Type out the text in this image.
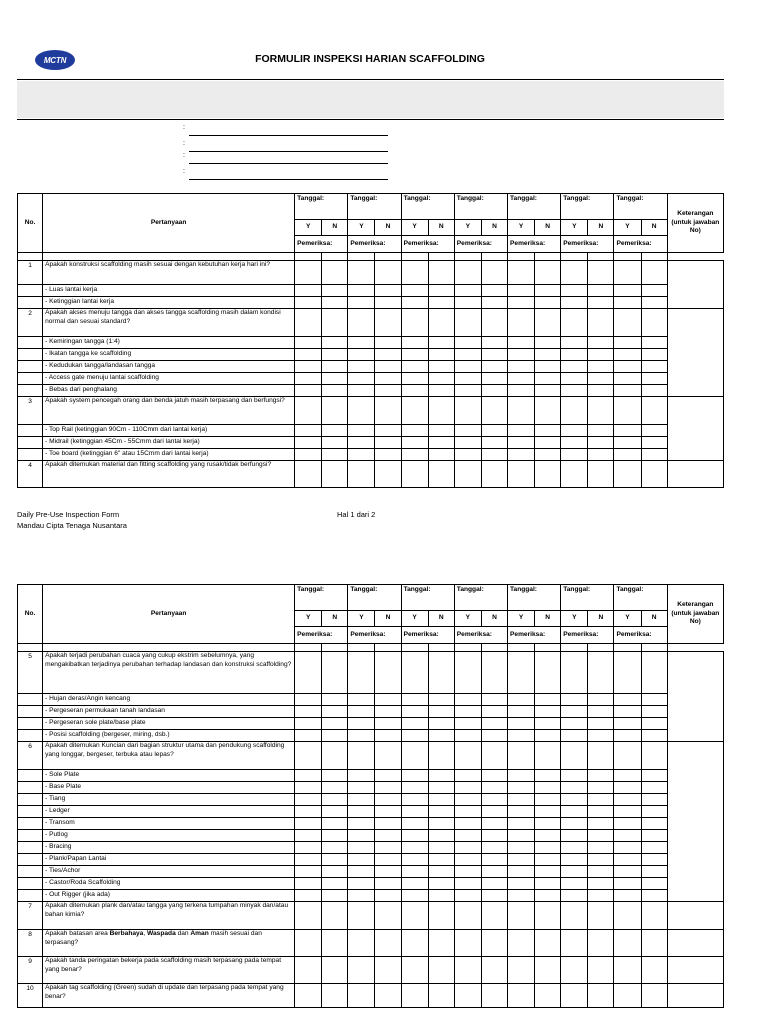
MCTN	FORMULIR INSPEKSI HARIAN SCAFFOLDING
:
:
:
:
No.	Pertanyaan	Tanggal:		Tanggal:		Tanggal:		Tanggal:		Tanggal:		Tanggal:		Tanggal:		Keterangan (untuk jawaban No)
		Y	N	Y	N	Y	N	Y	N	Y	N	Y	N	Y	N	
		Pemeriksa:		Pemeriksa:		Pemeriksa:		Pemeriksa:		Pemeriksa:		Pemeriksa:		Pemeriksa:		

1	Apakah konstruksi scaffolding masih sesuai dengan kebutuhan kerja hari ini?															
	- Luas lantai kerja															
	- Ketinggian lantai kerja															
2	Apakah akses menuju tangga dan akses tangga scaffolding masih dalam kondisi normal dan sesuai standard?															
	- Kemiringan tangga (1:4)															
	- Ikatan tangga ke scaffolding															
	- Kedudukan tangga/landasan tangga															
	- Access gate menuju lantai scaffolding															
	- Bebas dari penghalang															
3	Apakah system pencegah orang dan benda jatuh masih terpasang dan berfungsi?															
	- Top Rail (ketinggian 90Cm - 110Cmm dari lantai kerja)															
	- Midrail (ketinggian 45Cm - 55Cmm dari lantai kerja)															
	- Toe board (ketinggian 6" atau 15Cmm dari lantai kerja)															
4	Apakah ditemukan material dan fitting scaffolding yang rusak/tidak berfungsi?															
Daily Pre-Use Inspection Form
Mandau Cipta Tenaga Nusantara
Hal 1 dari 2
No.	Pertanyaan	Tanggal:		Tanggal:		Tanggal:		Tanggal:		Tanggal:		Tanggal:		Tanggal:		Keterangan (untuk jawaban No)
		Y	N	Y	N	Y	N	Y	N	Y	N	Y	N	Y	N	
		Pemeriksa:		Pemeriksa:		Pemeriksa:		Pemeriksa:		Pemeriksa:		Pemeriksa:		Pemeriksa:		

5	Apakah terjadi perubahan cuaca yang cukup ekstrim sebelumnya, yang mengakibatkan terjadinya perubahan terhadap landasan dan konstruksi scaffolding?															
	- Hujan deras/Angin kencang															
	- Pergeseran permukaan tanah landasan															
	- Pergeseran sole plate/base plate															
	- Posisi scaffolding (bergeser, miring, dsb.)															
6	Apakah ditemukan Kuncian dari bagian struktur utama dan pendukung scaffolding yang longgar, bergeser, terbuka atau lepas?															
	- Sole Plate															
	- Base Plate															
	- Tiang															
	- Ledger															
	- Transom															
	- Putlog															
	- Bracing															
	- Plank/Papan Lantai															
	- Ties/Achor															
	- Castor/Roda Scaffolding															
	- Out Rigger (jika ada)															
7	Apakah ditemukan plank dan/atau tangga yang terkena tumpahan minyak dan/atau bahan kimia?															
8	Apakah batasan area Berbahaya, Waspada dan Aman masih sesuai dan terpasang?															
9	Apakah tanda peringatan bekerja pada scaffolding masih terpasang pada tempat yang benar?															
10	Apakah tag scaffolding (Green) sudah di update dan terpasang pada tempat yang benar?															
